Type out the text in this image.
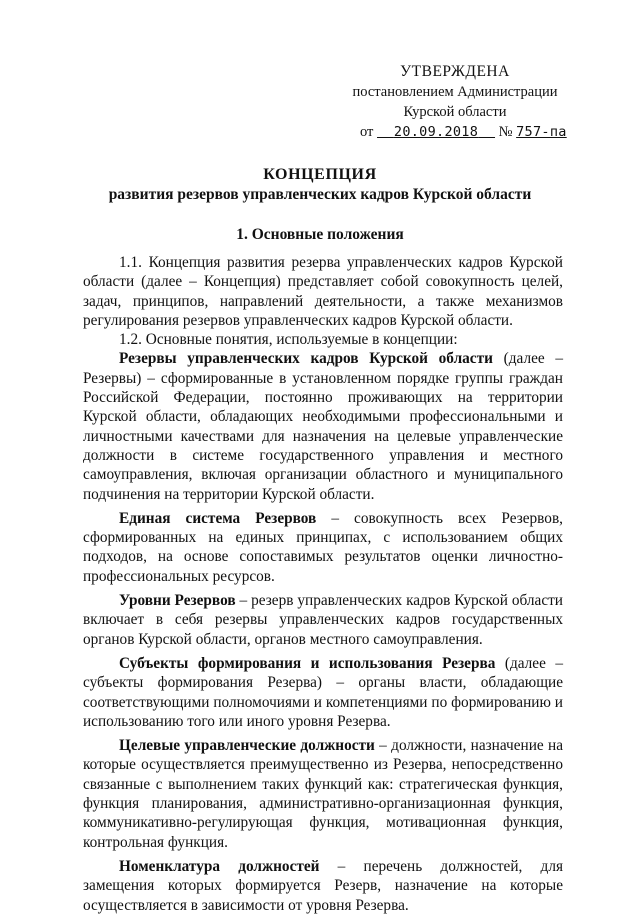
УТВЕРЖДЕНА
постановлением Администрации
Курской области
от 20.09.2018 № 757-па
КОНЦЕПЦИЯ
развития резервов управленческих кадров Курской области
1. Основные положения

1.1. Концепция развития резерва управленческих кадров Курской области (далее – Концепция) представляет собой совокупность целей, задач, принципов, направлений деятельности, а также механизмов регулирования резервов управленческих кадров Курской области.

1.2. Основные понятия, используемые в концепции:

Резервы управленческих кадров Курской области (далее – Резервы) – сформированные в установленном порядке группы граждан Российской Федерации, постоянно проживающих на территории Курской области, обладающих необходимыми профессиональными и личностными качествами для назначения на целевые управленческие должности в системе государственного управления и местного самоуправления, включая организации областного и муниципального подчинения на территории Курской области.

Единая система Резервов – совокупность всех Резервов, сформированных на единых принципах, с использованием общих подходов, на основе сопоставимых результатов оценки личностно-профессиональных ресурсов.

Уровни Резервов – резерв управленческих кадров Курской области включает в себя резервы управленческих кадров государственных органов Курской области, органов местного самоуправления.

Субъекты формирования и использования Резерва (далее – субъекты формирования Резерва) – органы власти, обладающие соответствующими полномочиями и компетенциями по формированию и использованию того или иного уровня Резерва.

Целевые управленческие должности – должности, назначение на которые осуществляется преимущественно из Резерва, непосредственно связанные с выполнением таких функций как: стратегическая функция, функция планирования, административно-организационная функция, коммуникативно-регулирующая функция, мотивационная функция, контрольная функция.

Номенклатура должностей – перечень должностей, для замещения которых формируется Резерв, назначение на которые осуществляется в зависимости от уровня Резерва.
